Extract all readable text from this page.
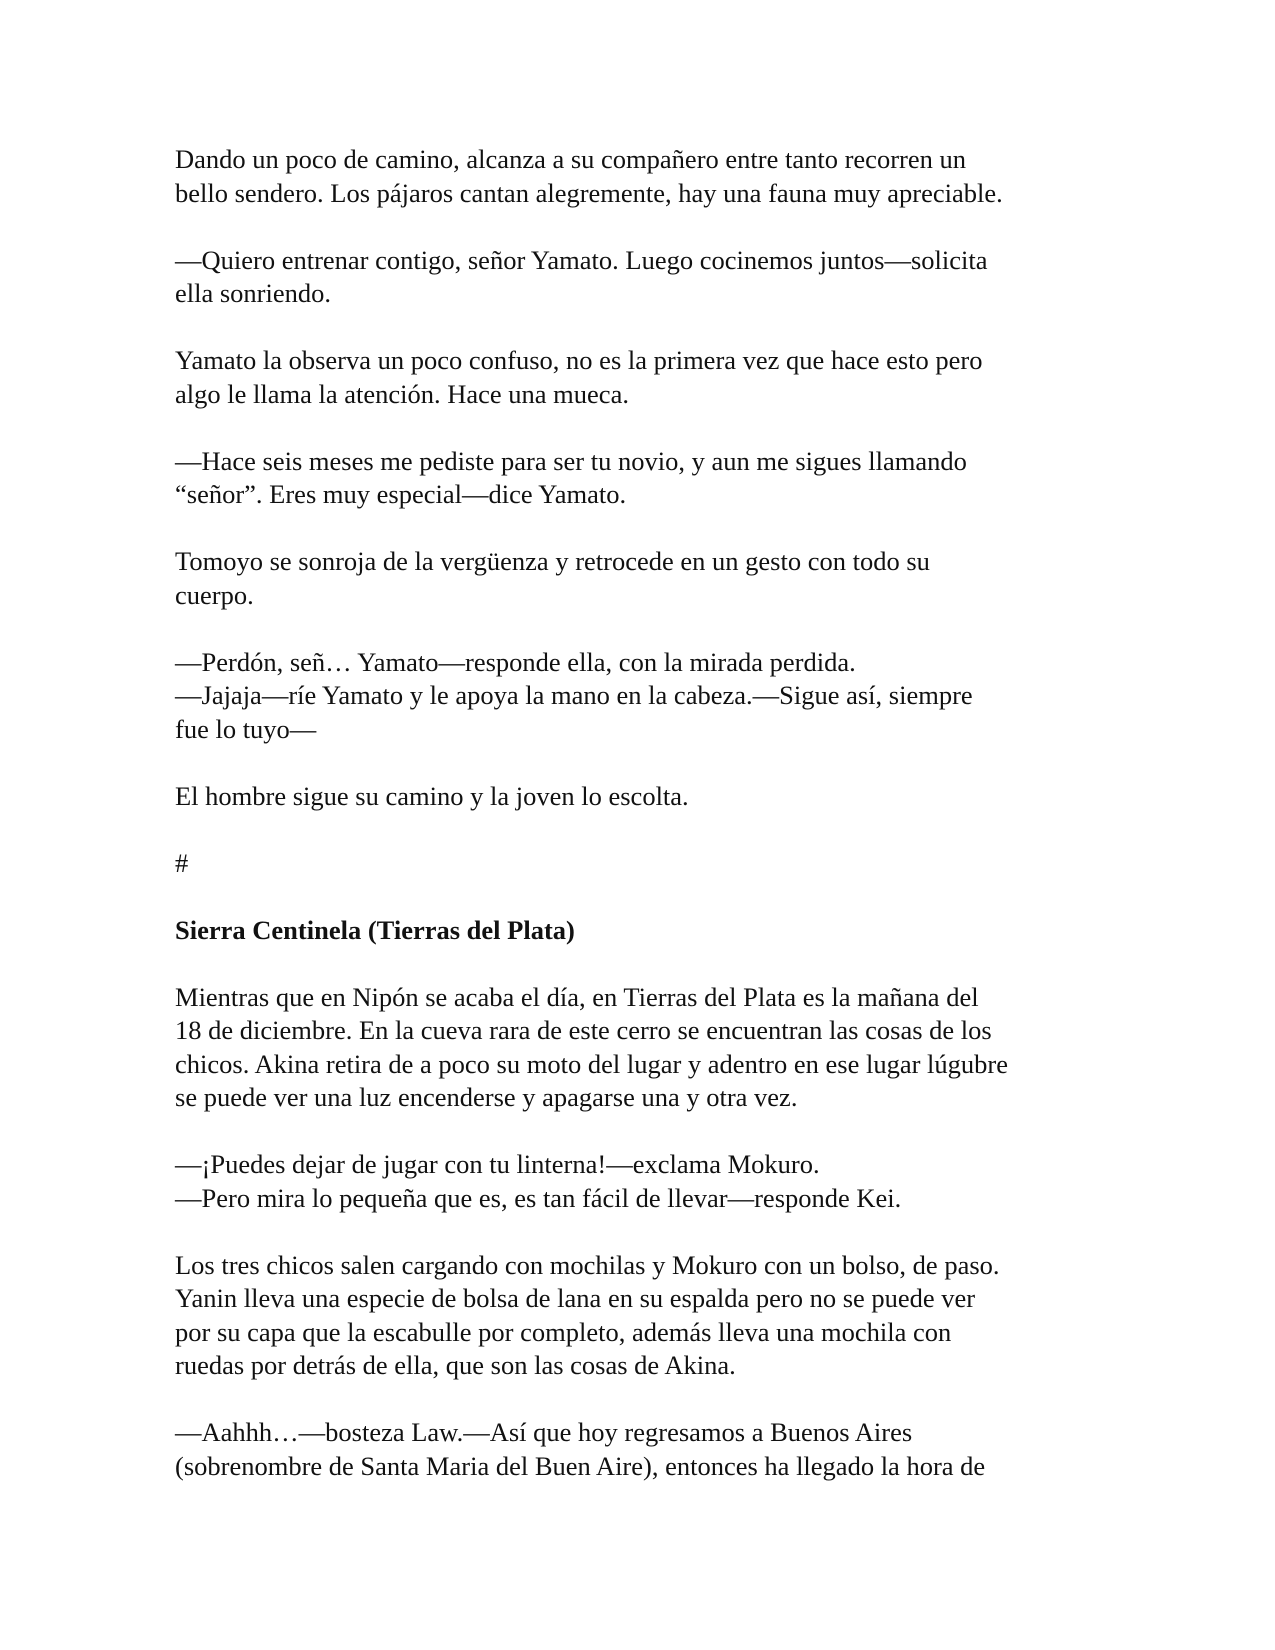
Dando un poco de camino, alcanza a su compañero entre tanto recorren un
bello sendero. Los pájaros cantan alegremente, hay una fauna muy apreciable.

—Quiero entrenar contigo, señor Yamato. Luego cocinemos juntos—solicita
ella sonriendo.

Yamato la observa un poco confuso, no es la primera vez que hace esto pero
algo le llama la atención. Hace una mueca.

—Hace seis meses me pediste para ser tu novio, y aun me sigues llamando
“señor”. Eres muy especial—dice Yamato.

Tomoyo se sonroja de la vergüenza y retrocede en un gesto con todo su
cuerpo.

—Perdón, señ… Yamato—responde ella, con la mirada perdida.

—Jajaja—ríe Yamato y le apoya la mano en la cabeza.—Sigue así, siempre
fue lo tuyo—

El hombre sigue su camino y la joven lo escolta.

#

Sierra Centinela (Tierras del Plata)

Mientras que en Nipón se acaba el día, en Tierras del Plata es la mañana del
18 de diciembre. En la cueva rara de este cerro se encuentran las cosas de los
chicos. Akina retira de a poco su moto del lugar y adentro en ese lugar lúgubre
se puede ver una luz encenderse y apagarse una y otra vez.

—¡Puedes dejar de jugar con tu linterna!—exclama Mokuro.

—Pero mira lo pequeña que es, es tan fácil de llevar—responde Kei.

Los tres chicos salen cargando con mochilas y Mokuro con un bolso, de paso.
Yanin lleva una especie de bolsa de lana en su espalda pero no se puede ver
por su capa que la escabulle por completo, además lleva una mochila con
ruedas por detrás de ella, que son las cosas de Akina.

—Aahhh…—bosteza Law.—Así que hoy regresamos a Buenos Aires
(sobrenombre de Santa Maria del Buen Aire), entonces ha llegado la hora de
